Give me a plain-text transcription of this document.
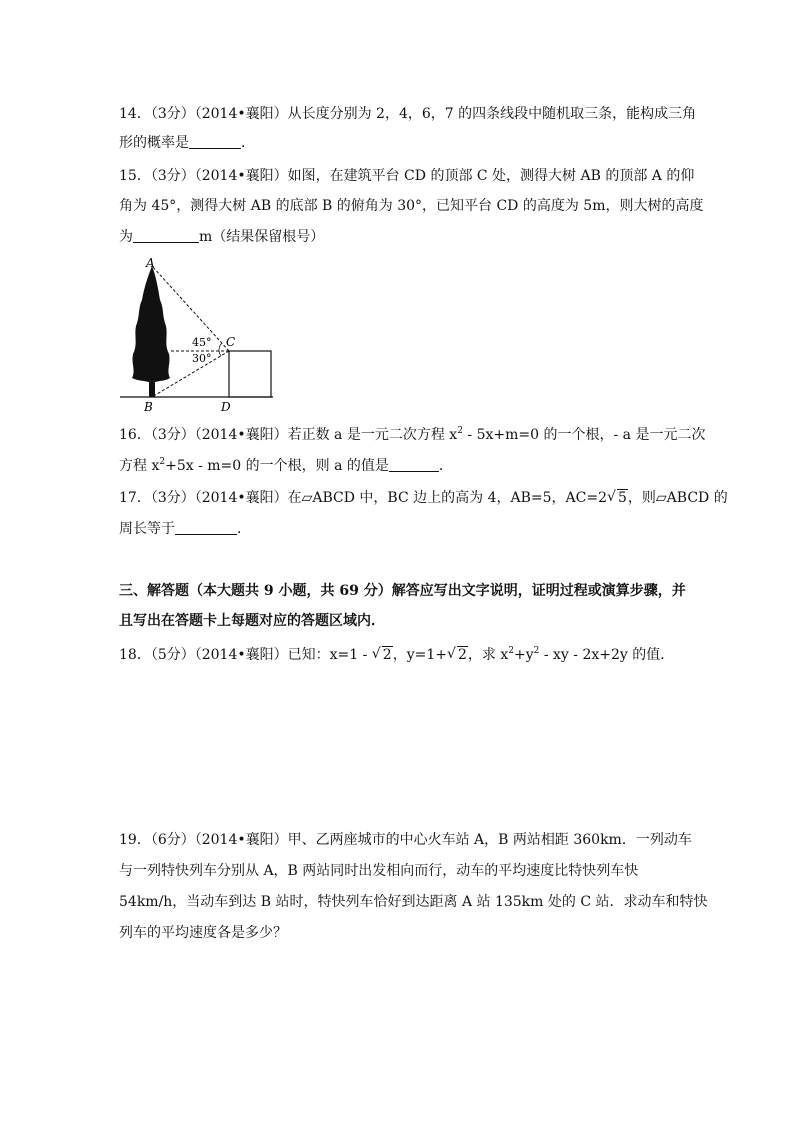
14．（3分）（2014•襄阳）从长度分别为 2，4，6，7 的四条线段中随机取三条，能构成三角
形的概率是	．
15．（3分）（2014•襄阳）如图，在建筑平台 CD 的顶部 C 处，测得大树 AB 的顶部 A 的仰
角为 45°，测得大树 AB 的底部 B 的俯角为 30°，已知平台 CD 的高度为 5m，则大树的高度
为	m（结果保留根号）
A
B
C
D
45°
30°
16．（3分）（2014•襄阳）若正数 a 是一元二次方程 $x^2 - 5x+m=0$ 的一个根，- a 是一元二次
方程 $x^2+5x - m=0$ 的一个根，则 a 的值是	．
17．（3分）（2014•襄阳）在▱ABCD 中，BC 边上的高为 4，AB=5，AC=2 √ 5，则▱ABCD 的
周长等于	．
三、解答题（本大题共 9 小题，共 69 分）解答应写出文字说明，证明过程或演算步骤，并
且写出在答题卡上每题对应的答题区域内．
18．（5分）（2014•襄阳）已知：x=1 - √ 2，y=1+ √ 2，求 $x^2+y^2$ - xy - 2x+2y 的值．
19．（6分）（2014•襄阳）甲、乙两座城市的中心火车站 A，B 两站相距 360km．一列动车
与一列特快列车分别从 A，B 两站同时出发相向而行，动车的平均速度比特快列车快
54km/h，当动车到达 B 站时，特快列车恰好到达距离 A 站 135km 处的 C 站．求动车和特快
列车的平均速度各是多少？
